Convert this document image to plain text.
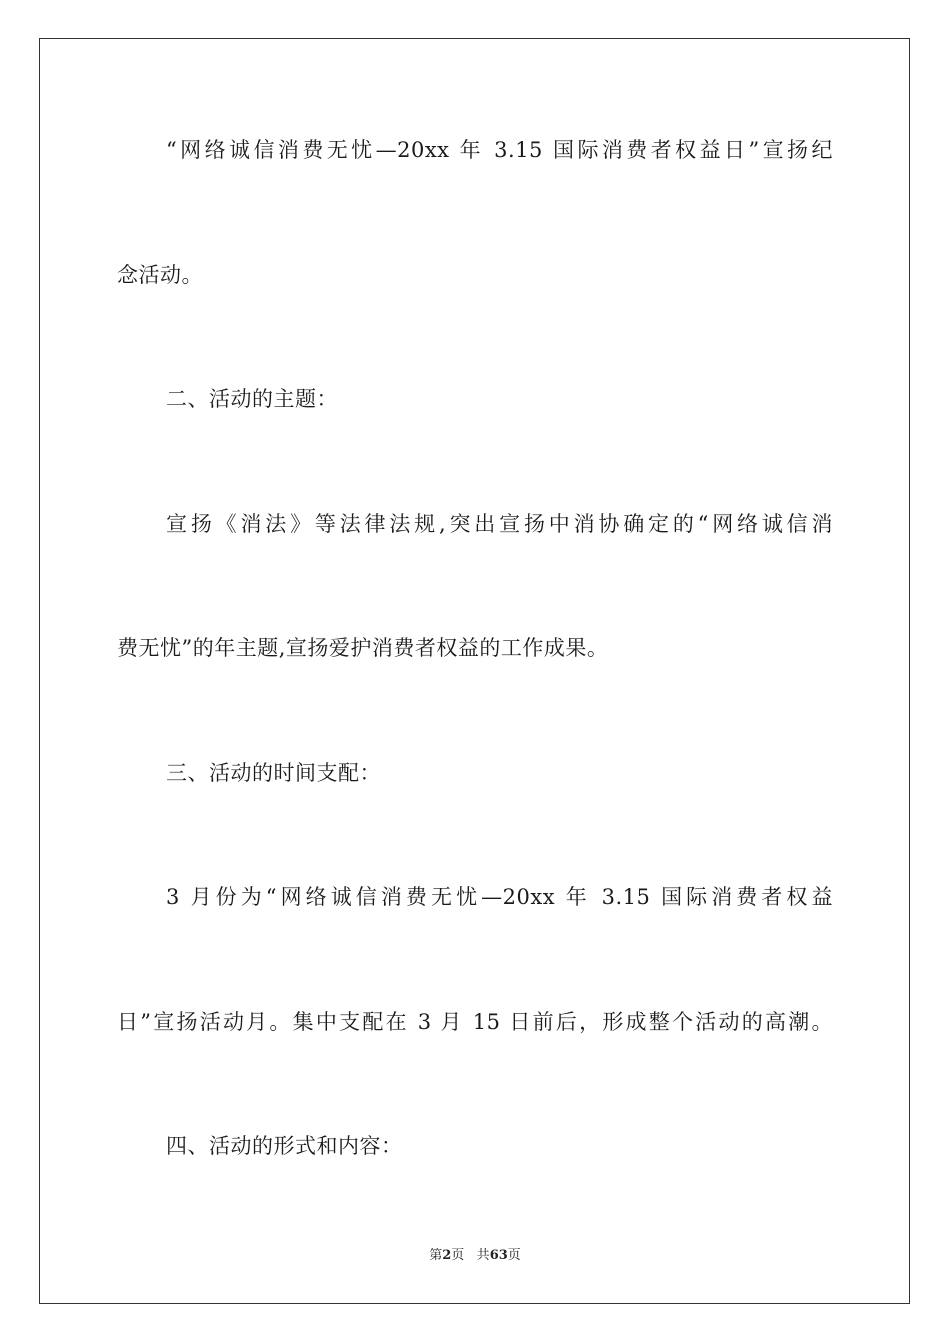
“网络诚信消费无忧—20xx 年 3.15 国际消费者权益日”宣扬纪
念活动。
二、活动的主题：
宣扬《消法》等法律法规,突出宣扬中消协确定的“网络诚信消
费无忧”的年主题,宣扬爱护消费者权益的工作成果。
三、活动的时间支配：
3 月份为“网络诚信消费无忧—20xx 年 3.15 国际消费者权益
日”宣扬活动月。集中支配在 3 月 15 日前后，形成整个活动的高潮。
四、活动的形式和内容：
第2页 共63页
